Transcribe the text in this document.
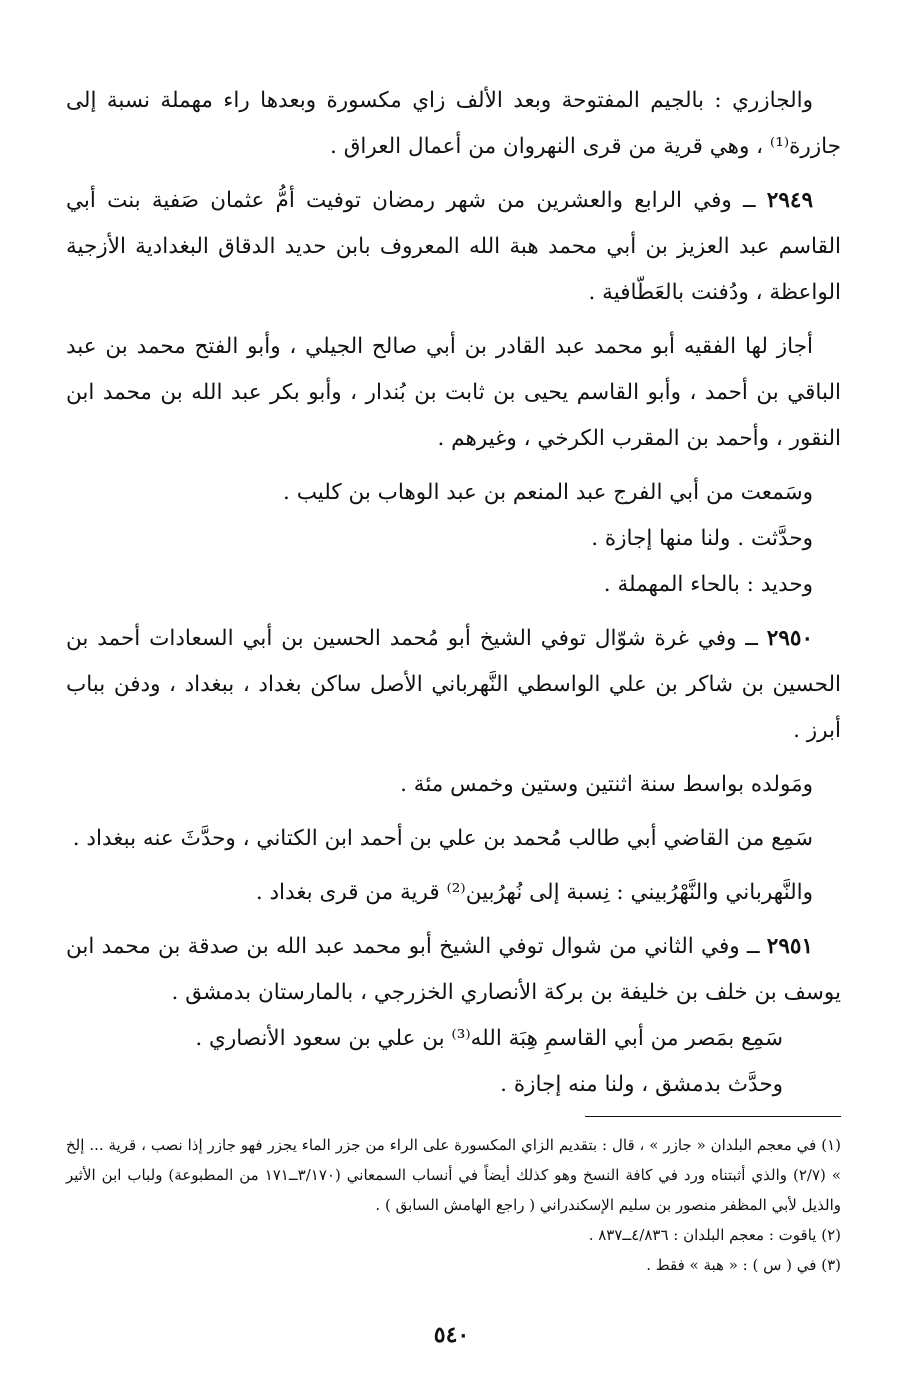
والجازري : بالجيم المفتوحة وبعد الألف زاي مكسورة وبعدها راء مهملة نسبة إلى جازرة⁽¹⁾ ، وهي قرية من قرى النهروان من أعمال العراق .

٢٩٤٩ ــ وفي الرابع والعشرين من شهر رمضان توفيت أمُّ عثمان صَفية بنت أبي القاسم عبد العزيز بن أبي محمد هبة الله المعروف بابن حديد الدقاق البغدادية الأزجية الواعظة ، ودُفنت بالعَطّافية .

أجاز لها الفقيه أبو محمد عبد القادر بن أبي صالح الجيلي ، وأبو الفتح محمد بن عبد الباقي بن أحمد ، وأبو القاسم يحيى بن ثابت بن بُندار ، وأبو بكر عبد الله بن محمد ابن النقور ، وأحمد بن المقرب الكرخي ، وغيرهم .

وسَمعت من أبي الفرج عبد المنعم بن عبد الوهاب بن كليب .

وحدَّثت . ولنا منها إجازة .

وحديد : بالحاء المهملة .

٢٩٥٠ ــ وفي غرة شوّال توفي الشيخ أبو مُحمد الحسين بن أبي السعادات أحمد بن الحسين بن شاكر بن علي الواسطي النَّهرباني الأصل ساكن بغداد ، ببغداد ، ودفن بباب أبرز .

ومَولده بواسط سنة اثنتين وستين وخمس مئة .

سَمِع من القاضي أبي طالب مُحمد بن علي بن أحمد ابن الكتاني ، وحدَّثَ عنه ببغداد .

والنَّهرباني والنَّهْرُبيني : نِسبة إلى نُهرُبين⁽²⁾ قرية من قرى بغداد .

٢٩٥١ ــ وفي الثاني من شوال توفي الشيخ أبو محمد عبد الله بن صدقة بن محمد ابن يوسف بن خلف بن خليفة بن بركة الأنصاري الخزرجي ، بالمارستان بدمشق .

سَمِع بمَصر من أبي القاسمِ هِبَة الله⁽³⁾ بن علي بن سعود الأنصاري .

وحدَّث بدمشق ، ولنا منه إجازة .

(١) في معجم البلدان « جازر » ، قال : بتقديم الزاي المكسورة على الراء من جزر الماء يجزر فهو جازر إذا نصب ، قرية ... إلخ » (٢/٧) والذي أثبتناه ورد في كافة النسخ وهو كذلك أيضاً في أنساب السمعاني (٣/١٧٠ــ١٧١ من المطبوعة) ولباب ابن الأثير والذيل لأبي المظفر منصور بن سليم الإسكندراني ( راجع الهامش السابق ) .

(٢) ياقوت : معجم البلدان : ٤/٨٣٦ــ٨٣٧ .

(٣) في ( س ) : « هبة » فقط .

٥٤٠
